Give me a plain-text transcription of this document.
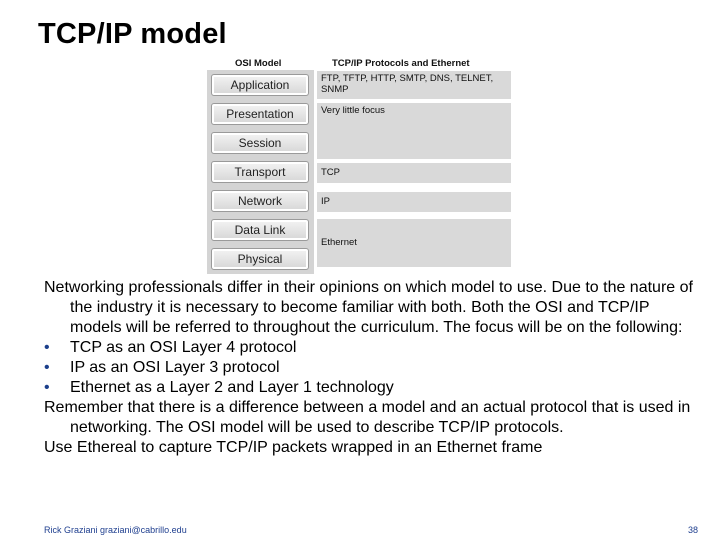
TCP/IP model
OSI Model	TCP/IP Protocols and Ethernet
Application
Presentation
Session
Transport
Network
Data Link
Physical
FTP, TFTP, HTTP, SMTP, DNS, TELNET, SNMP
Very little focus
TCP
IP
Ethernet

Networking professionals differ in their opinions on which model to use. Due to the nature of the industry it is necessary to become familiar with both. Both the OSI and TCP/IP models will be referred to throughout the curriculum. The focus will be on the following:

• TCP as an OSI Layer 4 protocol

• IP as an OSI Layer 3 protocol

• Ethernet as a Layer 2 and Layer 1 technology

Remember that there is a difference between a model and an actual protocol that is used in networking. The OSI model will be used to describe TCP/IP protocols.

Use Ethereal to capture TCP/IP packets wrapped in an Ethernet frame

Rick Graziani graziani@cabrillo.edu	38
